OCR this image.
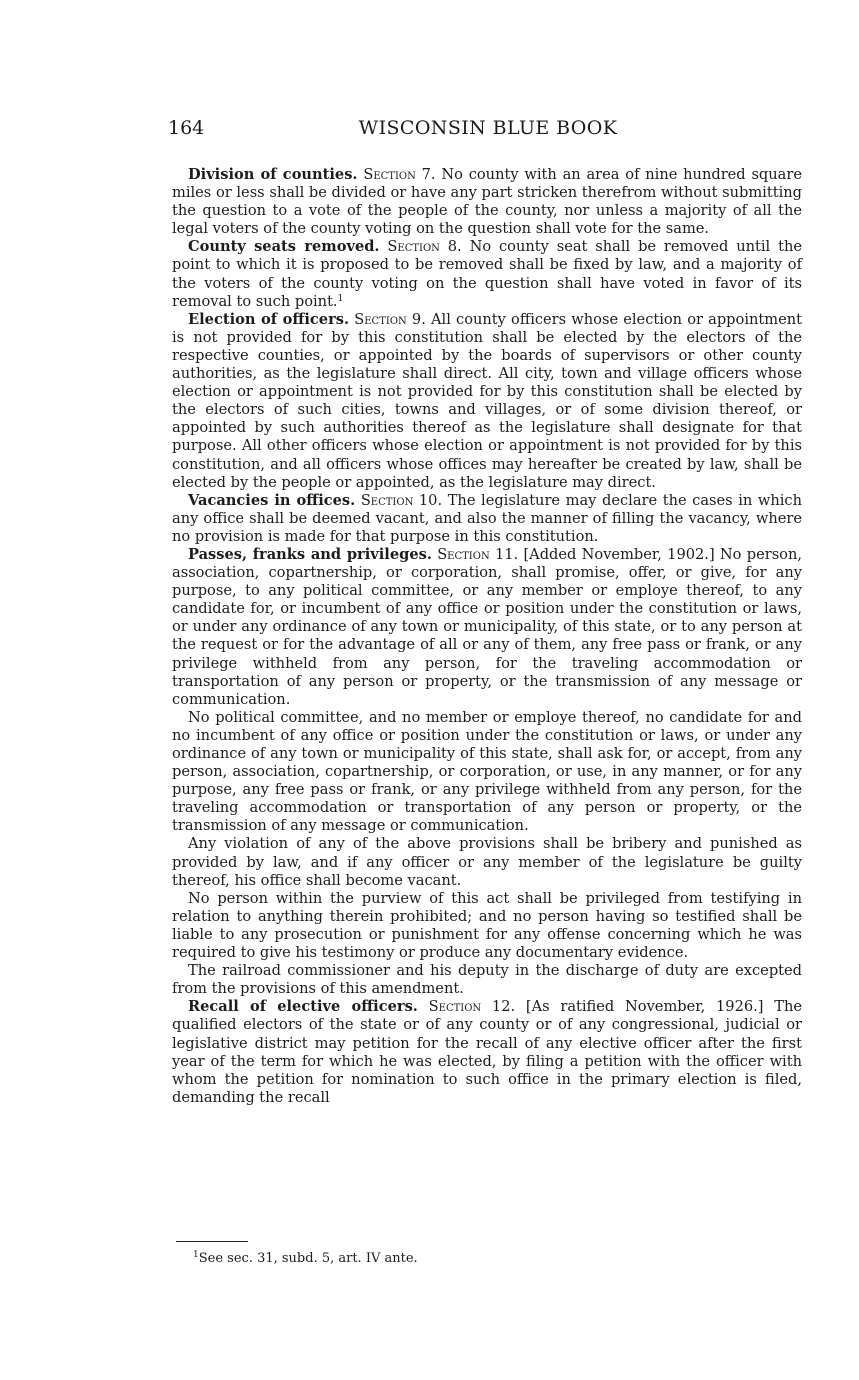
164	WISCONSIN BLUE BOOK

Division of counties. Section 7. No county with an area of nine hundred square miles or less shall be divided or have any part stricken therefrom without submitting the question to a vote of the people of the county, nor unless a majority of all the legal voters of the county voting on the question shall vote for the same.

County seats removed. Section 8. No county seat shall be removed until the point to which it is proposed to be removed shall be fixed by law, and a majority of the voters of the county voting on the question shall have voted in favor of its removal to such point.$^1$

Election of officers. Section 9. All county officers whose election or appointment is not provided for by this constitution shall be elected by the electors of the respective counties, or appointed by the boards of supervisors or other county authorities, as the legislature shall direct. All city, town and village officers whose election or appointment is not provided for by this constitution shall be elected by the electors of such cities, towns and villages, or of some division thereof, or appointed by such authorities thereof as the legislature shall designate for that purpose. All other officers whose election or appointment is not provided for by this constitution, and all officers whose offices may hereafter be created by law, shall be elected by the people or appointed, as the legislature may direct.

Vacancies in offices. Section 10. The legislature may declare the cases in which any office shall be deemed vacant, and also the manner of filling the vacancy, where no provision is made for that purpose in this constitution.

Passes, franks and privileges. Section 11. [Added November, 1902.] No person, association, copartnership, or corporation, shall promise, offer, or give, for any purpose, to any political committee, or any member or employe thereof, to any candidate for, or incumbent of any office or position under the constitution or laws, or under any ordinance of any town or municipality, of this state, or to any person at the request or for the advantage of all or any of them, any free pass or frank, or any privilege withheld from any person, for the traveling accommodation or transportation of any person or property, or the transmission of any message or communication.

No political committee, and no member or employe thereof, no candidate for and no incumbent of any office or position under the constitution or laws, or under any ordinance of any town or municipality of this state, shall ask for, or accept, from any person, association, copartnership, or corporation, or use, in any manner, or for any purpose, any free pass or frank, or any privilege withheld from any person, for the traveling accommodation or transportation of any person or property, or the transmission of any message or communication.

Any violation of any of the above provisions shall be bribery and punished as provided by law, and if any officer or any member of the legislature be guilty thereof, his office shall become vacant.

No person within the purview of this act shall be privileged from testifying in relation to anything therein prohibited; and no person having so testified shall be liable to any prosecution or punishment for any offense concerning which he was required to give his testimony or produce any documentary evidence.

The railroad commissioner and his deputy in the discharge of duty are excepted from the provisions of this amendment.

Recall of elective officers. Section 12. [As ratified November, 1926.] The qualified electors of the state or of any county or of any congressional, judicial or legislative district may petition for the recall of any elective officer after the first year of the term for which he was elected, by filing a petition with the officer with whom the petition for nomination to such office in the primary election is filed, demanding the recall

$^1$See sec. 31, subd. 5, art. IV ante.
